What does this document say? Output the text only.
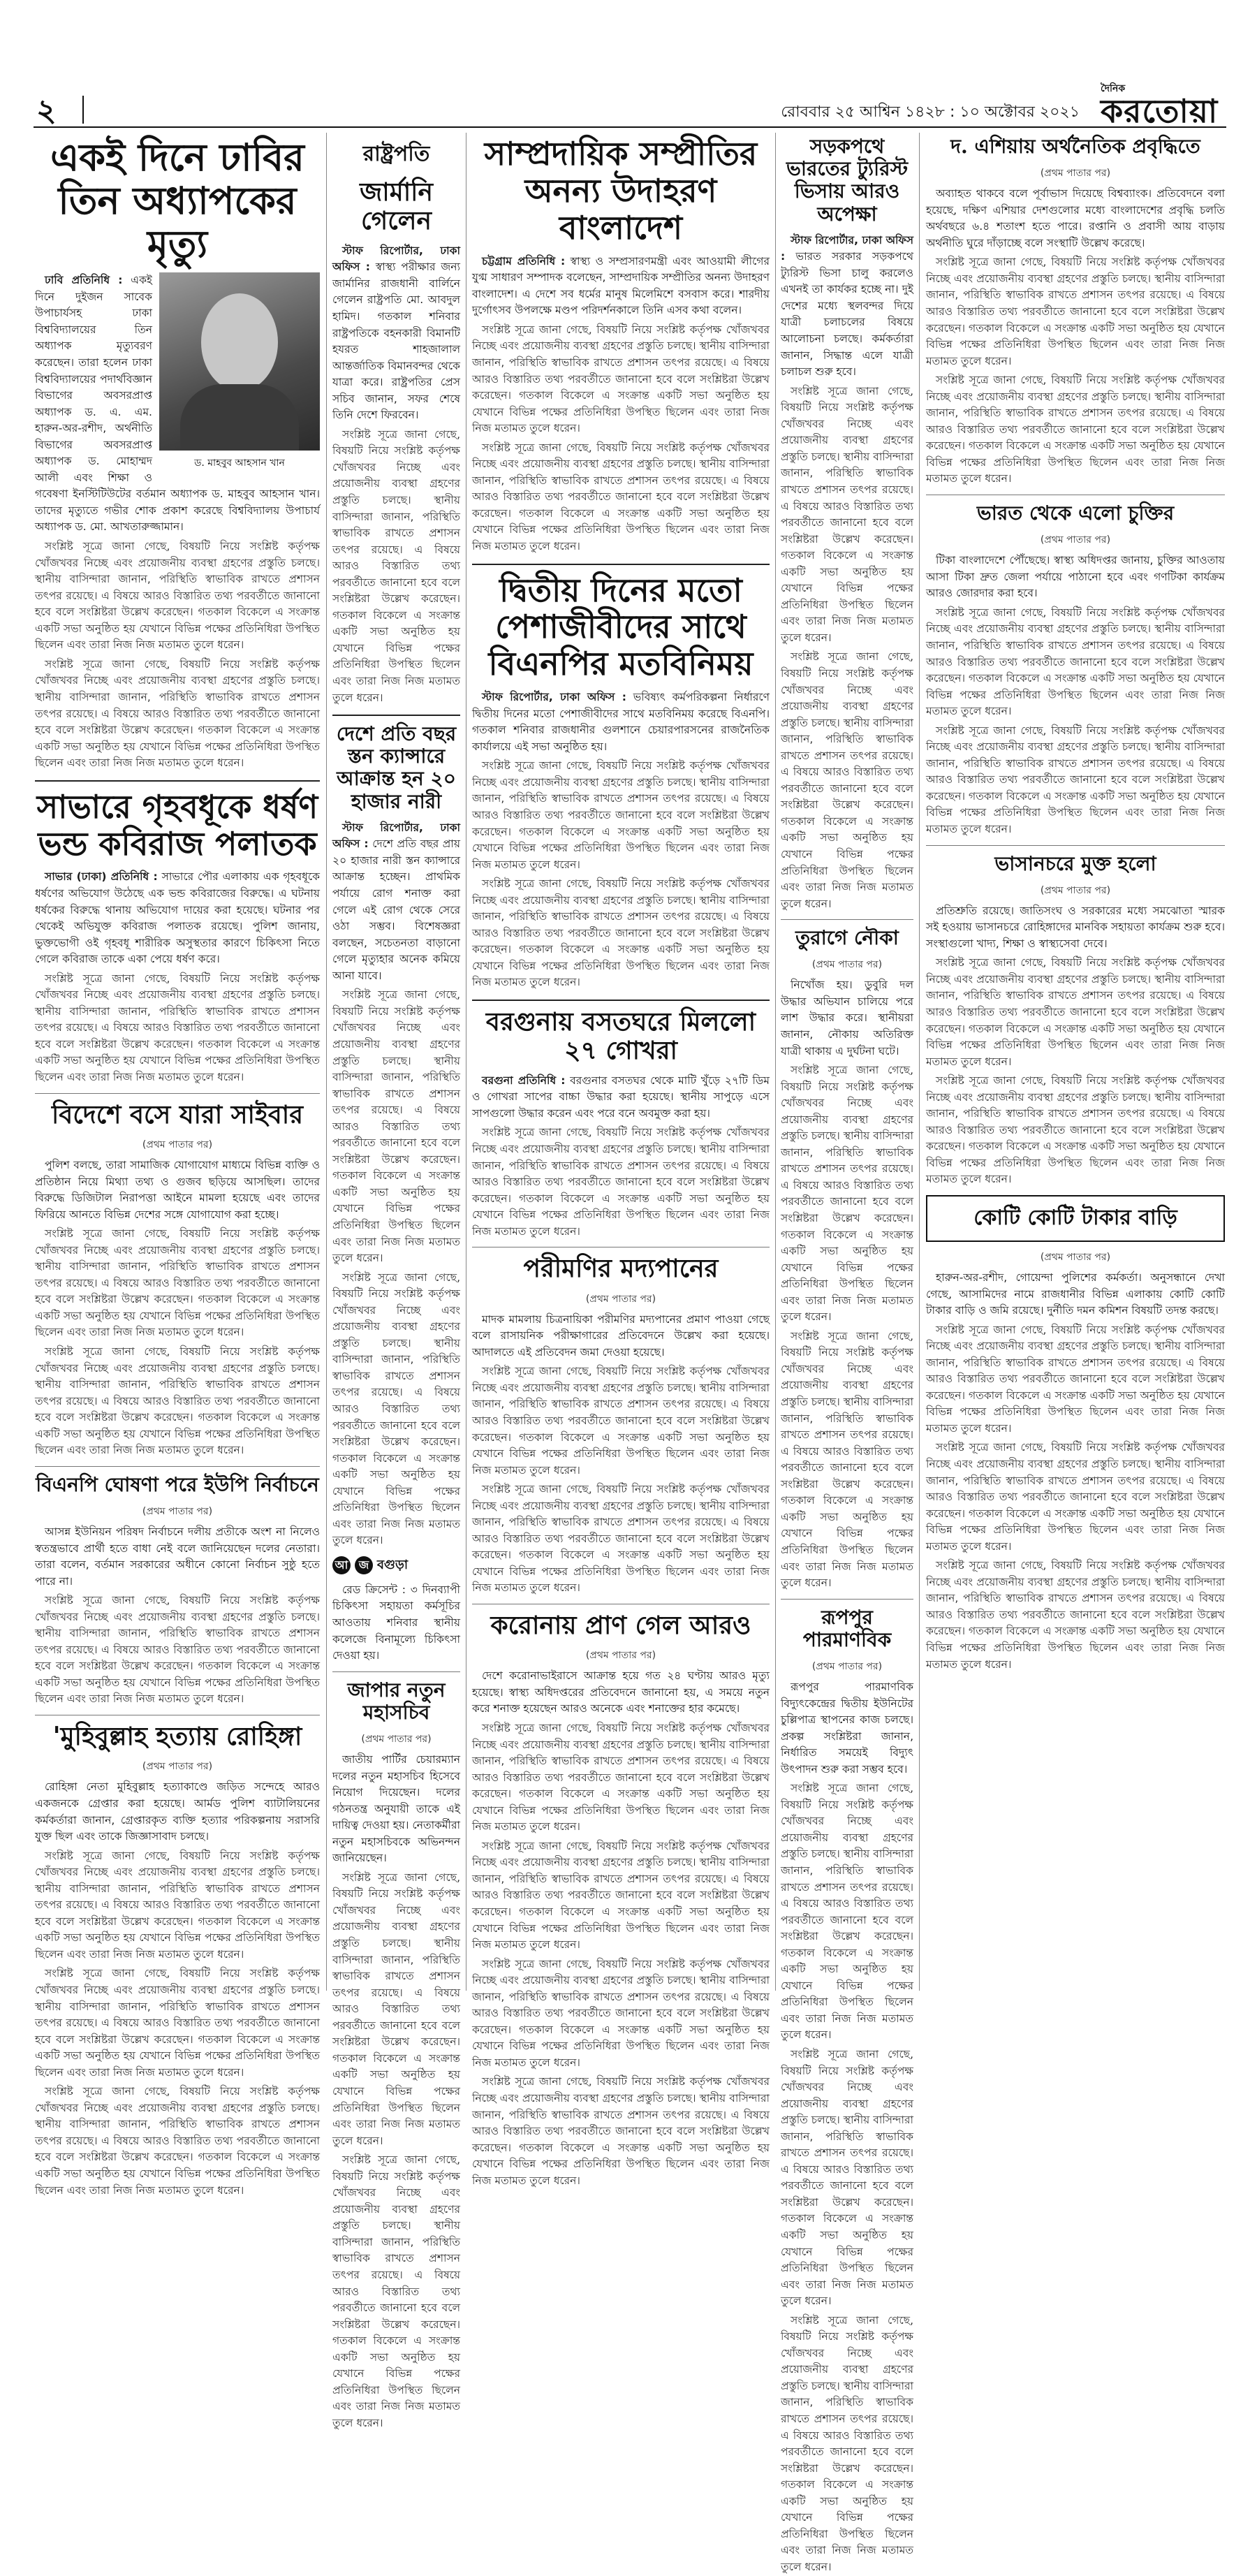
২	রোববার ২৫ আশ্বিন ১৪২৮ : ১০ অক্টোবর ২০২১
দৈনিক
করতোয়া
একই দিনে ঢাবির তিন অধ্যাপকের মৃত্যু
ড. মাহবুব আহসান খান

ঢাবি প্রতিনিধি : একই দিনে দুইজন সাবেক উপাচার্যসহ ঢাকা বিশ্ববিদ্যালয়ের তিন অধ্যাপক মৃত্যুবরণ করেছেন। তারা হলেন ঢাকা বিশ্ববিদ্যালয়ের পদার্থবিজ্ঞান বিভাগের অবসরপ্রাপ্ত অধ্যাপক ড. এ. এম. হারুন-অর-রশীদ, অর্থনীতি বিভাগের অবসরপ্রাপ্ত অধ্যাপক ড. মোহাম্মদ আলী এবং শিক্ষা ও গবেষণা ইনস্টিটিউটের বর্তমান অধ্যাপক ড. মাহবুব আহসান খান। তাদের মৃত্যুতে গভীর শোক প্রকাশ করেছে বিশ্ববিদ্যালয় উপাচার্য অধ্যাপক ড. মো. আখতারুজ্জামান।

সংশ্লিষ্ট সূত্রে জানা গেছে, বিষয়টি নিয়ে সংশ্লিষ্ট কর্তৃপক্ষ খোঁজখবর নিচ্ছে এবং প্রয়োজনীয় ব্যবস্থা গ্রহণের প্রস্তুতি চলছে। স্থানীয় বাসিন্দারা জানান, পরিস্থিতি স্বাভাবিক রাখতে প্রশাসন তৎপর রয়েছে। এ বিষয়ে আরও বিস্তারিত তথ্য পরবর্তীতে জানানো হবে বলে সংশ্লিষ্টরা উল্লেখ করেছেন। গতকাল বিকেলে এ সংক্রান্ত একটি সভা অনুষ্ঠিত হয় যেখানে বিভিন্ন পক্ষের প্রতিনিধিরা উপস্থিত ছিলেন এবং তারা নিজ নিজ মতামত তুলে ধরেন।

সংশ্লিষ্ট সূত্রে জানা গেছে, বিষয়টি নিয়ে সংশ্লিষ্ট কর্তৃপক্ষ খোঁজখবর নিচ্ছে এবং প্রয়োজনীয় ব্যবস্থা গ্রহণের প্রস্তুতি চলছে। স্থানীয় বাসিন্দারা জানান, পরিস্থিতি স্বাভাবিক রাখতে প্রশাসন তৎপর রয়েছে। এ বিষয়ে আরও বিস্তারিত তথ্য পরবর্তীতে জানানো হবে বলে সংশ্লিষ্টরা উল্লেখ করেছেন। গতকাল বিকেলে এ সংক্রান্ত একটি সভা অনুষ্ঠিত হয় যেখানে বিভিন্ন পক্ষের প্রতিনিধিরা উপস্থিত ছিলেন এবং তারা নিজ নিজ মতামত তুলে ধরেন।

সাভারে গৃহবধূকে ধর্ষণ ভন্ড কবিরাজ পলাতক

সাভার (ঢাকা) প্রতিনিধি : সাভারে পৌর এলাকায় এক গৃহবধূকে ধর্ষণের অভিযোগ উঠেছে এক ভন্ড কবিরাজের বিরুদ্ধে। এ ঘটনায় ধর্ষকের বিরুদ্ধে থানায় অভিযোগ দায়ের করা হয়েছে। ঘটনার পর থেকেই অভিযুক্ত কবিরাজ পলাতক রয়েছে। পুলিশ জানায়, ভুক্তভোগী ওই গৃহবধূ শারীরিক অসুস্থতার কারণে চিকিৎসা নিতে গেলে কবিরাজ তাকে একা পেয়ে ধর্ষণ করে।

সংশ্লিষ্ট সূত্রে জানা গেছে, বিষয়টি নিয়ে সংশ্লিষ্ট কর্তৃপক্ষ খোঁজখবর নিচ্ছে এবং প্রয়োজনীয় ব্যবস্থা গ্রহণের প্রস্তুতি চলছে। স্থানীয় বাসিন্দারা জানান, পরিস্থিতি স্বাভাবিক রাখতে প্রশাসন তৎপর রয়েছে। এ বিষয়ে আরও বিস্তারিত তথ্য পরবর্তীতে জানানো হবে বলে সংশ্লিষ্টরা উল্লেখ করেছেন। গতকাল বিকেলে এ সংক্রান্ত একটি সভা অনুষ্ঠিত হয় যেখানে বিভিন্ন পক্ষের প্রতিনিধিরা উপস্থিত ছিলেন এবং তারা নিজ নিজ মতামত তুলে ধরেন।

বিদেশে বসে যারা সাইবার
(প্রথম পাতার পর)

পুলিশ বলছে, তারা সামাজিক যোগাযোগ মাধ্যমে বিভিন্ন ব্যক্তি ও প্রতিষ্ঠান নিয়ে মিথ্যা তথ্য ও গুজব ছড়িয়ে আসছিল। তাদের বিরুদ্ধে ডিজিটাল নিরাপত্তা আইনে মামলা হয়েছে এবং তাদের ফিরিয়ে আনতে বিভিন্ন দেশের সঙ্গে যোগাযোগ করা হচ্ছে।

সংশ্লিষ্ট সূত্রে জানা গেছে, বিষয়টি নিয়ে সংশ্লিষ্ট কর্তৃপক্ষ খোঁজখবর নিচ্ছে এবং প্রয়োজনীয় ব্যবস্থা গ্রহণের প্রস্তুতি চলছে। স্থানীয় বাসিন্দারা জানান, পরিস্থিতি স্বাভাবিক রাখতে প্রশাসন তৎপর রয়েছে। এ বিষয়ে আরও বিস্তারিত তথ্য পরবর্তীতে জানানো হবে বলে সংশ্লিষ্টরা উল্লেখ করেছেন। গতকাল বিকেলে এ সংক্রান্ত একটি সভা অনুষ্ঠিত হয় যেখানে বিভিন্ন পক্ষের প্রতিনিধিরা উপস্থিত ছিলেন এবং তারা নিজ নিজ মতামত তুলে ধরেন।

সংশ্লিষ্ট সূত্রে জানা গেছে, বিষয়টি নিয়ে সংশ্লিষ্ট কর্তৃপক্ষ খোঁজখবর নিচ্ছে এবং প্রয়োজনীয় ব্যবস্থা গ্রহণের প্রস্তুতি চলছে। স্থানীয় বাসিন্দারা জানান, পরিস্থিতি স্বাভাবিক রাখতে প্রশাসন তৎপর রয়েছে। এ বিষয়ে আরও বিস্তারিত তথ্য পরবর্তীতে জানানো হবে বলে সংশ্লিষ্টরা উল্লেখ করেছেন। গতকাল বিকেলে এ সংক্রান্ত একটি সভা অনুষ্ঠিত হয় যেখানে বিভিন্ন পক্ষের প্রতিনিধিরা উপস্থিত ছিলেন এবং তারা নিজ নিজ মতামত তুলে ধরেন।

বিএনপি ঘোষণা পরে ইউপি নির্বাচনে
(প্রথম পাতার পর)

আসন্ন ইউনিয়ন পরিষদ নির্বাচনে দলীয় প্রতীকে অংশ না নিলেও স্বতন্ত্রভাবে প্রার্থী হতে বাধা নেই বলে জানিয়েছেন দলের নেতারা। তারা বলেন, বর্তমান সরকারের অধীনে কোনো নির্বাচন সুষ্ঠু হতে পারে না।

সংশ্লিষ্ট সূত্রে জানা গেছে, বিষয়টি নিয়ে সংশ্লিষ্ট কর্তৃপক্ষ খোঁজখবর নিচ্ছে এবং প্রয়োজনীয় ব্যবস্থা গ্রহণের প্রস্তুতি চলছে। স্থানীয় বাসিন্দারা জানান, পরিস্থিতি স্বাভাবিক রাখতে প্রশাসন তৎপর রয়েছে। এ বিষয়ে আরও বিস্তারিত তথ্য পরবর্তীতে জানানো হবে বলে সংশ্লিষ্টরা উল্লেখ করেছেন। গতকাল বিকেলে এ সংক্রান্ত একটি সভা অনুষ্ঠিত হয় যেখানে বিভিন্ন পক্ষের প্রতিনিধিরা উপস্থিত ছিলেন এবং তারা নিজ নিজ মতামত তুলে ধরেন।

'মুহিবুল্লাহ হত্যায় রোহিঙ্গা
(প্রথম পাতার পর)

রোহিঙ্গা নেতা মুহিবুল্লাহ হত্যাকাণ্ডে জড়িত সন্দেহে আরও একজনকে গ্রেপ্তার করা হয়েছে। আর্মড পুলিশ ব্যাটালিয়নের কর্মকর্তারা জানান, গ্রেপ্তারকৃত ব্যক্তি হত্যার পরিকল্পনায় সরাসরি যুক্ত ছিল এবং তাকে জিজ্ঞাসাবাদ চলছে।

সংশ্লিষ্ট সূত্রে জানা গেছে, বিষয়টি নিয়ে সংশ্লিষ্ট কর্তৃপক্ষ খোঁজখবর নিচ্ছে এবং প্রয়োজনীয় ব্যবস্থা গ্রহণের প্রস্তুতি চলছে। স্থানীয় বাসিন্দারা জানান, পরিস্থিতি স্বাভাবিক রাখতে প্রশাসন তৎপর রয়েছে। এ বিষয়ে আরও বিস্তারিত তথ্য পরবর্তীতে জানানো হবে বলে সংশ্লিষ্টরা উল্লেখ করেছেন। গতকাল বিকেলে এ সংক্রান্ত একটি সভা অনুষ্ঠিত হয় যেখানে বিভিন্ন পক্ষের প্রতিনিধিরা উপস্থিত ছিলেন এবং তারা নিজ নিজ মতামত তুলে ধরেন।

সংশ্লিষ্ট সূত্রে জানা গেছে, বিষয়টি নিয়ে সংশ্লিষ্ট কর্তৃপক্ষ খোঁজখবর নিচ্ছে এবং প্রয়োজনীয় ব্যবস্থা গ্রহণের প্রস্তুতি চলছে। স্থানীয় বাসিন্দারা জানান, পরিস্থিতি স্বাভাবিক রাখতে প্রশাসন তৎপর রয়েছে। এ বিষয়ে আরও বিস্তারিত তথ্য পরবর্তীতে জানানো হবে বলে সংশ্লিষ্টরা উল্লেখ করেছেন। গতকাল বিকেলে এ সংক্রান্ত একটি সভা অনুষ্ঠিত হয় যেখানে বিভিন্ন পক্ষের প্রতিনিধিরা উপস্থিত ছিলেন এবং তারা নিজ নিজ মতামত তুলে ধরেন।

সংশ্লিষ্ট সূত্রে জানা গেছে, বিষয়টি নিয়ে সংশ্লিষ্ট কর্তৃপক্ষ খোঁজখবর নিচ্ছে এবং প্রয়োজনীয় ব্যবস্থা গ্রহণের প্রস্তুতি চলছে। স্থানীয় বাসিন্দারা জানান, পরিস্থিতি স্বাভাবিক রাখতে প্রশাসন তৎপর রয়েছে। এ বিষয়ে আরও বিস্তারিত তথ্য পরবর্তীতে জানানো হবে বলে সংশ্লিষ্টরা উল্লেখ করেছেন। গতকাল বিকেলে এ সংক্রান্ত একটি সভা অনুষ্ঠিত হয় যেখানে বিভিন্ন পক্ষের প্রতিনিধিরা উপস্থিত ছিলেন এবং তারা নিজ নিজ মতামত তুলে ধরেন।

রাষ্ট্রপতি
জার্মানি গেলেন

স্টাফ রিপোর্টার, ঢাকা অফিস : স্বাস্থ্য পরীক্ষার জন্য জার্মানির রাজধানী বার্লিনে গেলেন রাষ্ট্রপতি মো. আবদুল হামিদ। গতকাল শনিবার রাষ্ট্রপতিকে বহনকারী বিমানটি হযরত শাহজালাল আন্তর্জাতিক বিমানবন্দর থেকে যাত্রা করে। রাষ্ট্রপতির প্রেস সচিব জানান, সফর শেষে তিনি দেশে ফিরবেন।

সংশ্লিষ্ট সূত্রে জানা গেছে, বিষয়টি নিয়ে সংশ্লিষ্ট কর্তৃপক্ষ খোঁজখবর নিচ্ছে এবং প্রয়োজনীয় ব্যবস্থা গ্রহণের প্রস্তুতি চলছে। স্থানীয় বাসিন্দারা জানান, পরিস্থিতি স্বাভাবিক রাখতে প্রশাসন তৎপর রয়েছে। এ বিষয়ে আরও বিস্তারিত তথ্য পরবর্তীতে জানানো হবে বলে সংশ্লিষ্টরা উল্লেখ করেছেন। গতকাল বিকেলে এ সংক্রান্ত একটি সভা অনুষ্ঠিত হয় যেখানে বিভিন্ন পক্ষের প্রতিনিধিরা উপস্থিত ছিলেন এবং তারা নিজ নিজ মতামত তুলে ধরেন।

দেশে প্রতি বছর স্তন ক্যান্সারে আক্রান্ত হন ২০ হাজার নারী

স্টাফ রিপোর্টার, ঢাকা অফিস : দেশে প্রতি বছর প্রায় ২০ হাজার নারী স্তন ক্যান্সারে আক্রান্ত হচ্ছেন। প্রাথমিক পর্যায়ে রোগ শনাক্ত করা গেলে এই রোগ থেকে সেরে ওঠা সম্ভব। বিশেষজ্ঞরা বলছেন, সচেতনতা বাড়ানো গেলে মৃত্যুহার অনেক কমিয়ে আনা যাবে।

সংশ্লিষ্ট সূত্রে জানা গেছে, বিষয়টি নিয়ে সংশ্লিষ্ট কর্তৃপক্ষ খোঁজখবর নিচ্ছে এবং প্রয়োজনীয় ব্যবস্থা গ্রহণের প্রস্তুতি চলছে। স্থানীয় বাসিন্দারা জানান, পরিস্থিতি স্বাভাবিক রাখতে প্রশাসন তৎপর রয়েছে। এ বিষয়ে আরও বিস্তারিত তথ্য পরবর্তীতে জানানো হবে বলে সংশ্লিষ্টরা উল্লেখ করেছেন। গতকাল বিকেলে এ সংক্রান্ত একটি সভা অনুষ্ঠিত হয় যেখানে বিভিন্ন পক্ষের প্রতিনিধিরা উপস্থিত ছিলেন এবং তারা নিজ নিজ মতামত তুলে ধরেন।

সংশ্লিষ্ট সূত্রে জানা গেছে, বিষয়টি নিয়ে সংশ্লিষ্ট কর্তৃপক্ষ খোঁজখবর নিচ্ছে এবং প্রয়োজনীয় ব্যবস্থা গ্রহণের প্রস্তুতি চলছে। স্থানীয় বাসিন্দারা জানান, পরিস্থিতি স্বাভাবিক রাখতে প্রশাসন তৎপর রয়েছে। এ বিষয়ে আরও বিস্তারিত তথ্য পরবর্তীতে জানানো হবে বলে সংশ্লিষ্টরা উল্লেখ করেছেন। গতকাল বিকেলে এ সংক্রান্ত একটি সভা অনুষ্ঠিত হয় যেখানে বিভিন্ন পক্ষের প্রতিনিধিরা উপস্থিত ছিলেন এবং তারা নিজ নিজ মতামত তুলে ধরেন।

আ জ বগুড়া

রেড ক্রিসেন্ট : ৩ দিনব্যাপী চিকিৎসা সহায়তা কর্মসূচির আওতায় শনিবার স্থানীয় কলেজে বিনামূল্যে চিকিৎসা দেওয়া হয়।

জাপার নতুন মহাসচিব
(প্রথম পাতার পর)

জাতীয় পার্টির চেয়ারম্যান দলের নতুন মহাসচিব হিসেবে নিয়োগ দিয়েছেন। দলের গঠনতন্ত্র অনুযায়ী তাকে এই দায়িত্ব দেওয়া হয়। নেতাকর্মীরা নতুন মহাসচিবকে অভিনন্দন জানিয়েছেন।

সংশ্লিষ্ট সূত্রে জানা গেছে, বিষয়টি নিয়ে সংশ্লিষ্ট কর্তৃপক্ষ খোঁজখবর নিচ্ছে এবং প্রয়োজনীয় ব্যবস্থা গ্রহণের প্রস্তুতি চলছে। স্থানীয় বাসিন্দারা জানান, পরিস্থিতি স্বাভাবিক রাখতে প্রশাসন তৎপর রয়েছে। এ বিষয়ে আরও বিস্তারিত তথ্য পরবর্তীতে জানানো হবে বলে সংশ্লিষ্টরা উল্লেখ করেছেন। গতকাল বিকেলে এ সংক্রান্ত একটি সভা অনুষ্ঠিত হয় যেখানে বিভিন্ন পক্ষের প্রতিনিধিরা উপস্থিত ছিলেন এবং তারা নিজ নিজ মতামত তুলে ধরেন।

সংশ্লিষ্ট সূত্রে জানা গেছে, বিষয়টি নিয়ে সংশ্লিষ্ট কর্তৃপক্ষ খোঁজখবর নিচ্ছে এবং প্রয়োজনীয় ব্যবস্থা গ্রহণের প্রস্তুতি চলছে। স্থানীয় বাসিন্দারা জানান, পরিস্থিতি স্বাভাবিক রাখতে প্রশাসন তৎপর রয়েছে। এ বিষয়ে আরও বিস্তারিত তথ্য পরবর্তীতে জানানো হবে বলে সংশ্লিষ্টরা উল্লেখ করেছেন। গতকাল বিকেলে এ সংক্রান্ত একটি সভা অনুষ্ঠিত হয় যেখানে বিভিন্ন পক্ষের প্রতিনিধিরা উপস্থিত ছিলেন এবং তারা নিজ নিজ মতামত তুলে ধরেন।

সাম্প্রদায়িক সম্প্রীতির অনন্য উদাহরণ বাংলাদেশ

চট্টগ্রাম প্রতিনিধি : স্বাস্থ্য ও সম্প্রসারণমন্ত্রী এবং আওয়ামী লীগের যুগ্ম সাধারণ সম্পাদক বলেছেন, সাম্প্রদায়িক সম্প্রীতির অনন্য উদাহরণ বাংলাদেশ। এ দেশে সব ধর্মের মানুষ মিলেমিশে বসবাস করে। শারদীয় দুর্গোৎসব উপলক্ষে মণ্ডপ পরিদর্শনকালে তিনি এসব কথা বলেন।

সংশ্লিষ্ট সূত্রে জানা গেছে, বিষয়টি নিয়ে সংশ্লিষ্ট কর্তৃপক্ষ খোঁজখবর নিচ্ছে এবং প্রয়োজনীয় ব্যবস্থা গ্রহণের প্রস্তুতি চলছে। স্থানীয় বাসিন্দারা জানান, পরিস্থিতি স্বাভাবিক রাখতে প্রশাসন তৎপর রয়েছে। এ বিষয়ে আরও বিস্তারিত তথ্য পরবর্তীতে জানানো হবে বলে সংশ্লিষ্টরা উল্লেখ করেছেন। গতকাল বিকেলে এ সংক্রান্ত একটি সভা অনুষ্ঠিত হয় যেখানে বিভিন্ন পক্ষের প্রতিনিধিরা উপস্থিত ছিলেন এবং তারা নিজ নিজ মতামত তুলে ধরেন।

সংশ্লিষ্ট সূত্রে জানা গেছে, বিষয়টি নিয়ে সংশ্লিষ্ট কর্তৃপক্ষ খোঁজখবর নিচ্ছে এবং প্রয়োজনীয় ব্যবস্থা গ্রহণের প্রস্তুতি চলছে। স্থানীয় বাসিন্দারা জানান, পরিস্থিতি স্বাভাবিক রাখতে প্রশাসন তৎপর রয়েছে। এ বিষয়ে আরও বিস্তারিত তথ্য পরবর্তীতে জানানো হবে বলে সংশ্লিষ্টরা উল্লেখ করেছেন। গতকাল বিকেলে এ সংক্রান্ত একটি সভা অনুষ্ঠিত হয় যেখানে বিভিন্ন পক্ষের প্রতিনিধিরা উপস্থিত ছিলেন এবং তারা নিজ নিজ মতামত তুলে ধরেন।

দ্বিতীয় দিনের মতো পেশাজীবীদের সাথে বিএনপির মতবিনিময়

স্টাফ রিপোর্টার, ঢাকা অফিস : ভবিষ্যৎ কর্মপরিকল্পনা নির্ধারণে দ্বিতীয় দিনের মতো পেশাজীবীদের সাথে মতবিনিময় করেছে বিএনপি। গতকাল শনিবার রাজধানীর গুলশানে চেয়ারপারসনের রাজনৈতিক কার্যালয়ে এই সভা অনুষ্ঠিত হয়।

সংশ্লিষ্ট সূত্রে জানা গেছে, বিষয়টি নিয়ে সংশ্লিষ্ট কর্তৃপক্ষ খোঁজখবর নিচ্ছে এবং প্রয়োজনীয় ব্যবস্থা গ্রহণের প্রস্তুতি চলছে। স্থানীয় বাসিন্দারা জানান, পরিস্থিতি স্বাভাবিক রাখতে প্রশাসন তৎপর রয়েছে। এ বিষয়ে আরও বিস্তারিত তথ্য পরবর্তীতে জানানো হবে বলে সংশ্লিষ্টরা উল্লেখ করেছেন। গতকাল বিকেলে এ সংক্রান্ত একটি সভা অনুষ্ঠিত হয় যেখানে বিভিন্ন পক্ষের প্রতিনিধিরা উপস্থিত ছিলেন এবং তারা নিজ নিজ মতামত তুলে ধরেন।

সংশ্লিষ্ট সূত্রে জানা গেছে, বিষয়টি নিয়ে সংশ্লিষ্ট কর্তৃপক্ষ খোঁজখবর নিচ্ছে এবং প্রয়োজনীয় ব্যবস্থা গ্রহণের প্রস্তুতি চলছে। স্থানীয় বাসিন্দারা জানান, পরিস্থিতি স্বাভাবিক রাখতে প্রশাসন তৎপর রয়েছে। এ বিষয়ে আরও বিস্তারিত তথ্য পরবর্তীতে জানানো হবে বলে সংশ্লিষ্টরা উল্লেখ করেছেন। গতকাল বিকেলে এ সংক্রান্ত একটি সভা অনুষ্ঠিত হয় যেখানে বিভিন্ন পক্ষের প্রতিনিধিরা উপস্থিত ছিলেন এবং তারা নিজ নিজ মতামত তুলে ধরেন।

বরগুনায় বসতঘরে মিললো ২৭ গোখরা

বরগুনা প্রতিনিধি : বরগুনার বসতঘর থেকে মাটি খুঁড়ে ২৭টি ডিম ও গোখরা সাপের বাচ্চা উদ্ধার করা হয়েছে। স্থানীয় সাপুড়ে এসে সাপগুলো উদ্ধার করেন এবং পরে বনে অবমুক্ত করা হয়।

সংশ্লিষ্ট সূত্রে জানা গেছে, বিষয়টি নিয়ে সংশ্লিষ্ট কর্তৃপক্ষ খোঁজখবর নিচ্ছে এবং প্রয়োজনীয় ব্যবস্থা গ্রহণের প্রস্তুতি চলছে। স্থানীয় বাসিন্দারা জানান, পরিস্থিতি স্বাভাবিক রাখতে প্রশাসন তৎপর রয়েছে। এ বিষয়ে আরও বিস্তারিত তথ্য পরবর্তীতে জানানো হবে বলে সংশ্লিষ্টরা উল্লেখ করেছেন। গতকাল বিকেলে এ সংক্রান্ত একটি সভা অনুষ্ঠিত হয় যেখানে বিভিন্ন পক্ষের প্রতিনিধিরা উপস্থিত ছিলেন এবং তারা নিজ নিজ মতামত তুলে ধরেন।

পরীমণির মদ্যপানের
(প্রথম পাতার পর)

মাদক মামলায় চিত্রনায়িকা পরীমণির মদ্যপানের প্রমাণ পাওয়া গেছে বলে রাসায়নিক পরীক্ষাগারের প্রতিবেদনে উল্লেখ করা হয়েছে। আদালতে এই প্রতিবেদন জমা দেওয়া হয়েছে।

সংশ্লিষ্ট সূত্রে জানা গেছে, বিষয়টি নিয়ে সংশ্লিষ্ট কর্তৃপক্ষ খোঁজখবর নিচ্ছে এবং প্রয়োজনীয় ব্যবস্থা গ্রহণের প্রস্তুতি চলছে। স্থানীয় বাসিন্দারা জানান, পরিস্থিতি স্বাভাবিক রাখতে প্রশাসন তৎপর রয়েছে। এ বিষয়ে আরও বিস্তারিত তথ্য পরবর্তীতে জানানো হবে বলে সংশ্লিষ্টরা উল্লেখ করেছেন। গতকাল বিকেলে এ সংক্রান্ত একটি সভা অনুষ্ঠিত হয় যেখানে বিভিন্ন পক্ষের প্রতিনিধিরা উপস্থিত ছিলেন এবং তারা নিজ নিজ মতামত তুলে ধরেন।

সংশ্লিষ্ট সূত্রে জানা গেছে, বিষয়টি নিয়ে সংশ্লিষ্ট কর্তৃপক্ষ খোঁজখবর নিচ্ছে এবং প্রয়োজনীয় ব্যবস্থা গ্রহণের প্রস্তুতি চলছে। স্থানীয় বাসিন্দারা জানান, পরিস্থিতি স্বাভাবিক রাখতে প্রশাসন তৎপর রয়েছে। এ বিষয়ে আরও বিস্তারিত তথ্য পরবর্তীতে জানানো হবে বলে সংশ্লিষ্টরা উল্লেখ করেছেন। গতকাল বিকেলে এ সংক্রান্ত একটি সভা অনুষ্ঠিত হয় যেখানে বিভিন্ন পক্ষের প্রতিনিধিরা উপস্থিত ছিলেন এবং তারা নিজ নিজ মতামত তুলে ধরেন।

করোনায় প্রাণ গেল আরও
(প্রথম পাতার পর)

দেশে করোনাভাইরাসে আক্রান্ত হয়ে গত ২৪ ঘণ্টায় আরও মৃত্যু হয়েছে। স্বাস্থ্য অধিদপ্তরের প্রতিবেদনে জানানো হয়, এ সময়ে নতুন করে শনাক্ত হয়েছেন আরও অনেকে এবং শনাক্তের হার কমেছে।

সংশ্লিষ্ট সূত্রে জানা গেছে, বিষয়টি নিয়ে সংশ্লিষ্ট কর্তৃপক্ষ খোঁজখবর নিচ্ছে এবং প্রয়োজনীয় ব্যবস্থা গ্রহণের প্রস্তুতি চলছে। স্থানীয় বাসিন্দারা জানান, পরিস্থিতি স্বাভাবিক রাখতে প্রশাসন তৎপর রয়েছে। এ বিষয়ে আরও বিস্তারিত তথ্য পরবর্তীতে জানানো হবে বলে সংশ্লিষ্টরা উল্লেখ করেছেন। গতকাল বিকেলে এ সংক্রান্ত একটি সভা অনুষ্ঠিত হয় যেখানে বিভিন্ন পক্ষের প্রতিনিধিরা উপস্থিত ছিলেন এবং তারা নিজ নিজ মতামত তুলে ধরেন।

সংশ্লিষ্ট সূত্রে জানা গেছে, বিষয়টি নিয়ে সংশ্লিষ্ট কর্তৃপক্ষ খোঁজখবর নিচ্ছে এবং প্রয়োজনীয় ব্যবস্থা গ্রহণের প্রস্তুতি চলছে। স্থানীয় বাসিন্দারা জানান, পরিস্থিতি স্বাভাবিক রাখতে প্রশাসন তৎপর রয়েছে। এ বিষয়ে আরও বিস্তারিত তথ্য পরবর্তীতে জানানো হবে বলে সংশ্লিষ্টরা উল্লেখ করেছেন। গতকাল বিকেলে এ সংক্রান্ত একটি সভা অনুষ্ঠিত হয় যেখানে বিভিন্ন পক্ষের প্রতিনিধিরা উপস্থিত ছিলেন এবং তারা নিজ নিজ মতামত তুলে ধরেন।

সংশ্লিষ্ট সূত্রে জানা গেছে, বিষয়টি নিয়ে সংশ্লিষ্ট কর্তৃপক্ষ খোঁজখবর নিচ্ছে এবং প্রয়োজনীয় ব্যবস্থা গ্রহণের প্রস্তুতি চলছে। স্থানীয় বাসিন্দারা জানান, পরিস্থিতি স্বাভাবিক রাখতে প্রশাসন তৎপর রয়েছে। এ বিষয়ে আরও বিস্তারিত তথ্য পরবর্তীতে জানানো হবে বলে সংশ্লিষ্টরা উল্লেখ করেছেন। গতকাল বিকেলে এ সংক্রান্ত একটি সভা অনুষ্ঠিত হয় যেখানে বিভিন্ন পক্ষের প্রতিনিধিরা উপস্থিত ছিলেন এবং তারা নিজ নিজ মতামত তুলে ধরেন।

সংশ্লিষ্ট সূত্রে জানা গেছে, বিষয়টি নিয়ে সংশ্লিষ্ট কর্তৃপক্ষ খোঁজখবর নিচ্ছে এবং প্রয়োজনীয় ব্যবস্থা গ্রহণের প্রস্তুতি চলছে। স্থানীয় বাসিন্দারা জানান, পরিস্থিতি স্বাভাবিক রাখতে প্রশাসন তৎপর রয়েছে। এ বিষয়ে আরও বিস্তারিত তথ্য পরবর্তীতে জানানো হবে বলে সংশ্লিষ্টরা উল্লেখ করেছেন। গতকাল বিকেলে এ সংক্রান্ত একটি সভা অনুষ্ঠিত হয় যেখানে বিভিন্ন পক্ষের প্রতিনিধিরা উপস্থিত ছিলেন এবং তারা নিজ নিজ মতামত তুলে ধরেন।

সড়কপথে ভারতের ট্যুরিস্ট ভিসায় আরও অপেক্ষা

স্টাফ রিপোর্টার, ঢাকা অফিস : ভারত সরকার সড়কপথে ট্যুরিস্ট ভিসা চালু করলেও এখনই তা কার্যকর হচ্ছে না। দুই দেশের মধ্যে স্থলবন্দর দিয়ে যাত্রী চলাচলের বিষয়ে আলোচনা চলছে। কর্মকর্তারা জানান, সিদ্ধান্ত এলে যাত্রী চলাচল শুরু হবে।

সংশ্লিষ্ট সূত্রে জানা গেছে, বিষয়টি নিয়ে সংশ্লিষ্ট কর্তৃপক্ষ খোঁজখবর নিচ্ছে এবং প্রয়োজনীয় ব্যবস্থা গ্রহণের প্রস্তুতি চলছে। স্থানীয় বাসিন্দারা জানান, পরিস্থিতি স্বাভাবিক রাখতে প্রশাসন তৎপর রয়েছে। এ বিষয়ে আরও বিস্তারিত তথ্য পরবর্তীতে জানানো হবে বলে সংশ্লিষ্টরা উল্লেখ করেছেন। গতকাল বিকেলে এ সংক্রান্ত একটি সভা অনুষ্ঠিত হয় যেখানে বিভিন্ন পক্ষের প্রতিনিধিরা উপস্থিত ছিলেন এবং তারা নিজ নিজ মতামত তুলে ধরেন।

সংশ্লিষ্ট সূত্রে জানা গেছে, বিষয়টি নিয়ে সংশ্লিষ্ট কর্তৃপক্ষ খোঁজখবর নিচ্ছে এবং প্রয়োজনীয় ব্যবস্থা গ্রহণের প্রস্তুতি চলছে। স্থানীয় বাসিন্দারা জানান, পরিস্থিতি স্বাভাবিক রাখতে প্রশাসন তৎপর রয়েছে। এ বিষয়ে আরও বিস্তারিত তথ্য পরবর্তীতে জানানো হবে বলে সংশ্লিষ্টরা উল্লেখ করেছেন। গতকাল বিকেলে এ সংক্রান্ত একটি সভা অনুষ্ঠিত হয় যেখানে বিভিন্ন পক্ষের প্রতিনিধিরা উপস্থিত ছিলেন এবং তারা নিজ নিজ মতামত তুলে ধরেন।

তুরাগে নৌকা
(প্রথম পাতার পর)

নিখোঁজ হয়। ডুবুরি দল উদ্ধার অভিযান চালিয়ে পরে লাশ উদ্ধার করে। স্থানীয়রা জানান, নৌকায় অতিরিক্ত যাত্রী থাকায় এ দুর্ঘটনা ঘটে।

সংশ্লিষ্ট সূত্রে জানা গেছে, বিষয়টি নিয়ে সংশ্লিষ্ট কর্তৃপক্ষ খোঁজখবর নিচ্ছে এবং প্রয়োজনীয় ব্যবস্থা গ্রহণের প্রস্তুতি চলছে। স্থানীয় বাসিন্দারা জানান, পরিস্থিতি স্বাভাবিক রাখতে প্রশাসন তৎপর রয়েছে। এ বিষয়ে আরও বিস্তারিত তথ্য পরবর্তীতে জানানো হবে বলে সংশ্লিষ্টরা উল্লেখ করেছেন। গতকাল বিকেলে এ সংক্রান্ত একটি সভা অনুষ্ঠিত হয় যেখানে বিভিন্ন পক্ষের প্রতিনিধিরা উপস্থিত ছিলেন এবং তারা নিজ নিজ মতামত তুলে ধরেন।

সংশ্লিষ্ট সূত্রে জানা গেছে, বিষয়টি নিয়ে সংশ্লিষ্ট কর্তৃপক্ষ খোঁজখবর নিচ্ছে এবং প্রয়োজনীয় ব্যবস্থা গ্রহণের প্রস্তুতি চলছে। স্থানীয় বাসিন্দারা জানান, পরিস্থিতি স্বাভাবিক রাখতে প্রশাসন তৎপর রয়েছে। এ বিষয়ে আরও বিস্তারিত তথ্য পরবর্তীতে জানানো হবে বলে সংশ্লিষ্টরা উল্লেখ করেছেন। গতকাল বিকেলে এ সংক্রান্ত একটি সভা অনুষ্ঠিত হয় যেখানে বিভিন্ন পক্ষের প্রতিনিধিরা উপস্থিত ছিলেন এবং তারা নিজ নিজ মতামত তুলে ধরেন।

রূপপুর পারমাণবিক
(প্রথম পাতার পর)

রূপপুর পারমাণবিক বিদ্যুৎকেন্দ্রের দ্বিতীয় ইউনিটের চুল্লিপাত্র স্থাপনের কাজ চলছে। প্রকল্প সংশ্লিষ্টরা জানান, নির্ধারিত সময়েই বিদ্যুৎ উৎপাদন শুরু করা সম্ভব হবে।

সংশ্লিষ্ট সূত্রে জানা গেছে, বিষয়টি নিয়ে সংশ্লিষ্ট কর্তৃপক্ষ খোঁজখবর নিচ্ছে এবং প্রয়োজনীয় ব্যবস্থা গ্রহণের প্রস্তুতি চলছে। স্থানীয় বাসিন্দারা জানান, পরিস্থিতি স্বাভাবিক রাখতে প্রশাসন তৎপর রয়েছে। এ বিষয়ে আরও বিস্তারিত তথ্য পরবর্তীতে জানানো হবে বলে সংশ্লিষ্টরা উল্লেখ করেছেন। গতকাল বিকেলে এ সংক্রান্ত একটি সভা অনুষ্ঠিত হয় যেখানে বিভিন্ন পক্ষের প্রতিনিধিরা উপস্থিত ছিলেন এবং তারা নিজ নিজ মতামত তুলে ধরেন।

সংশ্লিষ্ট সূত্রে জানা গেছে, বিষয়টি নিয়ে সংশ্লিষ্ট কর্তৃপক্ষ খোঁজখবর নিচ্ছে এবং প্রয়োজনীয় ব্যবস্থা গ্রহণের প্রস্তুতি চলছে। স্থানীয় বাসিন্দারা জানান, পরিস্থিতি স্বাভাবিক রাখতে প্রশাসন তৎপর রয়েছে। এ বিষয়ে আরও বিস্তারিত তথ্য পরবর্তীতে জানানো হবে বলে সংশ্লিষ্টরা উল্লেখ করেছেন। গতকাল বিকেলে এ সংক্রান্ত একটি সভা অনুষ্ঠিত হয় যেখানে বিভিন্ন পক্ষের প্রতিনিধিরা উপস্থিত ছিলেন এবং তারা নিজ নিজ মতামত তুলে ধরেন।

সংশ্লিষ্ট সূত্রে জানা গেছে, বিষয়টি নিয়ে সংশ্লিষ্ট কর্তৃপক্ষ খোঁজখবর নিচ্ছে এবং প্রয়োজনীয় ব্যবস্থা গ্রহণের প্রস্তুতি চলছে। স্থানীয় বাসিন্দারা জানান, পরিস্থিতি স্বাভাবিক রাখতে প্রশাসন তৎপর রয়েছে। এ বিষয়ে আরও বিস্তারিত তথ্য পরবর্তীতে জানানো হবে বলে সংশ্লিষ্টরা উল্লেখ করেছেন। গতকাল বিকেলে এ সংক্রান্ত একটি সভা অনুষ্ঠিত হয় যেখানে বিভিন্ন পক্ষের প্রতিনিধিরা উপস্থিত ছিলেন এবং তারা নিজ নিজ মতামত তুলে ধরেন।

দ. এশিয়ায় অর্থনৈতিক প্রবৃদ্ধিতে
(প্রথম পাতার পর)

অব্যাহত থাকবে বলে পূর্বাভাস দিয়েছে বিশ্বব্যাংক। প্রতিবেদনে বলা হয়েছে, দক্ষিণ এশিয়ার দেশগুলোর মধ্যে বাংলাদেশের প্রবৃদ্ধি চলতি অর্থবছরে ৬.৪ শতাংশ হতে পারে। রপ্তানি ও প্রবাসী আয় বাড়ায় অর্থনীতি ঘুরে দাঁড়াচ্ছে বলে সংস্থাটি উল্লেখ করেছে।

সংশ্লিষ্ট সূত্রে জানা গেছে, বিষয়টি নিয়ে সংশ্লিষ্ট কর্তৃপক্ষ খোঁজখবর নিচ্ছে এবং প্রয়োজনীয় ব্যবস্থা গ্রহণের প্রস্তুতি চলছে। স্থানীয় বাসিন্দারা জানান, পরিস্থিতি স্বাভাবিক রাখতে প্রশাসন তৎপর রয়েছে। এ বিষয়ে আরও বিস্তারিত তথ্য পরবর্তীতে জানানো হবে বলে সংশ্লিষ্টরা উল্লেখ করেছেন। গতকাল বিকেলে এ সংক্রান্ত একটি সভা অনুষ্ঠিত হয় যেখানে বিভিন্ন পক্ষের প্রতিনিধিরা উপস্থিত ছিলেন এবং তারা নিজ নিজ মতামত তুলে ধরেন।

সংশ্লিষ্ট সূত্রে জানা গেছে, বিষয়টি নিয়ে সংশ্লিষ্ট কর্তৃপক্ষ খোঁজখবর নিচ্ছে এবং প্রয়োজনীয় ব্যবস্থা গ্রহণের প্রস্তুতি চলছে। স্থানীয় বাসিন্দারা জানান, পরিস্থিতি স্বাভাবিক রাখতে প্রশাসন তৎপর রয়েছে। এ বিষয়ে আরও বিস্তারিত তথ্য পরবর্তীতে জানানো হবে বলে সংশ্লিষ্টরা উল্লেখ করেছেন। গতকাল বিকেলে এ সংক্রান্ত একটি সভা অনুষ্ঠিত হয় যেখানে বিভিন্ন পক্ষের প্রতিনিধিরা উপস্থিত ছিলেন এবং তারা নিজ নিজ মতামত তুলে ধরেন।

ভারত থেকে এলো চুক্তির
(প্রথম পাতার পর)

টিকা বাংলাদেশে পৌঁছেছে। স্বাস্থ্য অধিদপ্তর জানায়, চুক্তির আওতায় আসা টিকা দ্রুত জেলা পর্যায়ে পাঠানো হবে এবং গণটিকা কার্যক্রম আরও জোরদার করা হবে।

সংশ্লিষ্ট সূত্রে জানা গেছে, বিষয়টি নিয়ে সংশ্লিষ্ট কর্তৃপক্ষ খোঁজখবর নিচ্ছে এবং প্রয়োজনীয় ব্যবস্থা গ্রহণের প্রস্তুতি চলছে। স্থানীয় বাসিন্দারা জানান, পরিস্থিতি স্বাভাবিক রাখতে প্রশাসন তৎপর রয়েছে। এ বিষয়ে আরও বিস্তারিত তথ্য পরবর্তীতে জানানো হবে বলে সংশ্লিষ্টরা উল্লেখ করেছেন। গতকাল বিকেলে এ সংক্রান্ত একটি সভা অনুষ্ঠিত হয় যেখানে বিভিন্ন পক্ষের প্রতিনিধিরা উপস্থিত ছিলেন এবং তারা নিজ নিজ মতামত তুলে ধরেন।

সংশ্লিষ্ট সূত্রে জানা গেছে, বিষয়টি নিয়ে সংশ্লিষ্ট কর্তৃপক্ষ খোঁজখবর নিচ্ছে এবং প্রয়োজনীয় ব্যবস্থা গ্রহণের প্রস্তুতি চলছে। স্থানীয় বাসিন্দারা জানান, পরিস্থিতি স্বাভাবিক রাখতে প্রশাসন তৎপর রয়েছে। এ বিষয়ে আরও বিস্তারিত তথ্য পরবর্তীতে জানানো হবে বলে সংশ্লিষ্টরা উল্লেখ করেছেন। গতকাল বিকেলে এ সংক্রান্ত একটি সভা অনুষ্ঠিত হয় যেখানে বিভিন্ন পক্ষের প্রতিনিধিরা উপস্থিত ছিলেন এবং তারা নিজ নিজ মতামত তুলে ধরেন।

ভাসানচরে মুক্ত হলো
(প্রথম পাতার পর)

প্রতিশ্রুতি রয়েছে। জাতিসংঘ ও সরকারের মধ্যে সমঝোতা স্মারক সই হওয়ায় ভাসানচরে রোহিঙ্গাদের মানবিক সহায়তা কার্যক্রম শুরু হবে। সংস্থাগুলো খাদ্য, শিক্ষা ও স্বাস্থ্যসেবা দেবে।

সংশ্লিষ্ট সূত্রে জানা গেছে, বিষয়টি নিয়ে সংশ্লিষ্ট কর্তৃপক্ষ খোঁজখবর নিচ্ছে এবং প্রয়োজনীয় ব্যবস্থা গ্রহণের প্রস্তুতি চলছে। স্থানীয় বাসিন্দারা জানান, পরিস্থিতি স্বাভাবিক রাখতে প্রশাসন তৎপর রয়েছে। এ বিষয়ে আরও বিস্তারিত তথ্য পরবর্তীতে জানানো হবে বলে সংশ্লিষ্টরা উল্লেখ করেছেন। গতকাল বিকেলে এ সংক্রান্ত একটি সভা অনুষ্ঠিত হয় যেখানে বিভিন্ন পক্ষের প্রতিনিধিরা উপস্থিত ছিলেন এবং তারা নিজ নিজ মতামত তুলে ধরেন।

সংশ্লিষ্ট সূত্রে জানা গেছে, বিষয়টি নিয়ে সংশ্লিষ্ট কর্তৃপক্ষ খোঁজখবর নিচ্ছে এবং প্রয়োজনীয় ব্যবস্থা গ্রহণের প্রস্তুতি চলছে। স্থানীয় বাসিন্দারা জানান, পরিস্থিতি স্বাভাবিক রাখতে প্রশাসন তৎপর রয়েছে। এ বিষয়ে আরও বিস্তারিত তথ্য পরবর্তীতে জানানো হবে বলে সংশ্লিষ্টরা উল্লেখ করেছেন। গতকাল বিকেলে এ সংক্রান্ত একটি সভা অনুষ্ঠিত হয় যেখানে বিভিন্ন পক্ষের প্রতিনিধিরা উপস্থিত ছিলেন এবং তারা নিজ নিজ মতামত তুলে ধরেন।

কোটি কোটি টাকার বাড়ি
(প্রথম পাতার পর)

হারুন-অর-রশীদ, গোয়েন্দা পুলিশের কর্মকর্তা। অনুসন্ধানে দেখা গেছে, আসামিদের নামে রাজধানীর বিভিন্ন এলাকায় কোটি কোটি টাকার বাড়ি ও জমি রয়েছে। দুর্নীতি দমন কমিশন বিষয়টি তদন্ত করছে।

সংশ্লিষ্ট সূত্রে জানা গেছে, বিষয়টি নিয়ে সংশ্লিষ্ট কর্তৃপক্ষ খোঁজখবর নিচ্ছে এবং প্রয়োজনীয় ব্যবস্থা গ্রহণের প্রস্তুতি চলছে। স্থানীয় বাসিন্দারা জানান, পরিস্থিতি স্বাভাবিক রাখতে প্রশাসন তৎপর রয়েছে। এ বিষয়ে আরও বিস্তারিত তথ্য পরবর্তীতে জানানো হবে বলে সংশ্লিষ্টরা উল্লেখ করেছেন। গতকাল বিকেলে এ সংক্রান্ত একটি সভা অনুষ্ঠিত হয় যেখানে বিভিন্ন পক্ষের প্রতিনিধিরা উপস্থিত ছিলেন এবং তারা নিজ নিজ মতামত তুলে ধরেন।

সংশ্লিষ্ট সূত্রে জানা গেছে, বিষয়টি নিয়ে সংশ্লিষ্ট কর্তৃপক্ষ খোঁজখবর নিচ্ছে এবং প্রয়োজনীয় ব্যবস্থা গ্রহণের প্রস্তুতি চলছে। স্থানীয় বাসিন্দারা জানান, পরিস্থিতি স্বাভাবিক রাখতে প্রশাসন তৎপর রয়েছে। এ বিষয়ে আরও বিস্তারিত তথ্য পরবর্তীতে জানানো হবে বলে সংশ্লিষ্টরা উল্লেখ করেছেন। গতকাল বিকেলে এ সংক্রান্ত একটি সভা অনুষ্ঠিত হয় যেখানে বিভিন্ন পক্ষের প্রতিনিধিরা উপস্থিত ছিলেন এবং তারা নিজ নিজ মতামত তুলে ধরেন।

সংশ্লিষ্ট সূত্রে জানা গেছে, বিষয়টি নিয়ে সংশ্লিষ্ট কর্তৃপক্ষ খোঁজখবর নিচ্ছে এবং প্রয়োজনীয় ব্যবস্থা গ্রহণের প্রস্তুতি চলছে। স্থানীয় বাসিন্দারা জানান, পরিস্থিতি স্বাভাবিক রাখতে প্রশাসন তৎপর রয়েছে। এ বিষয়ে আরও বিস্তারিত তথ্য পরবর্তীতে জানানো হবে বলে সংশ্লিষ্টরা উল্লেখ করেছেন। গতকাল বিকেলে এ সংক্রান্ত একটি সভা অনুষ্ঠিত হয় যেখানে বিভিন্ন পক্ষের প্রতিনিধিরা উপস্থিত ছিলেন এবং তারা নিজ নিজ মতামত তুলে ধরেন।
